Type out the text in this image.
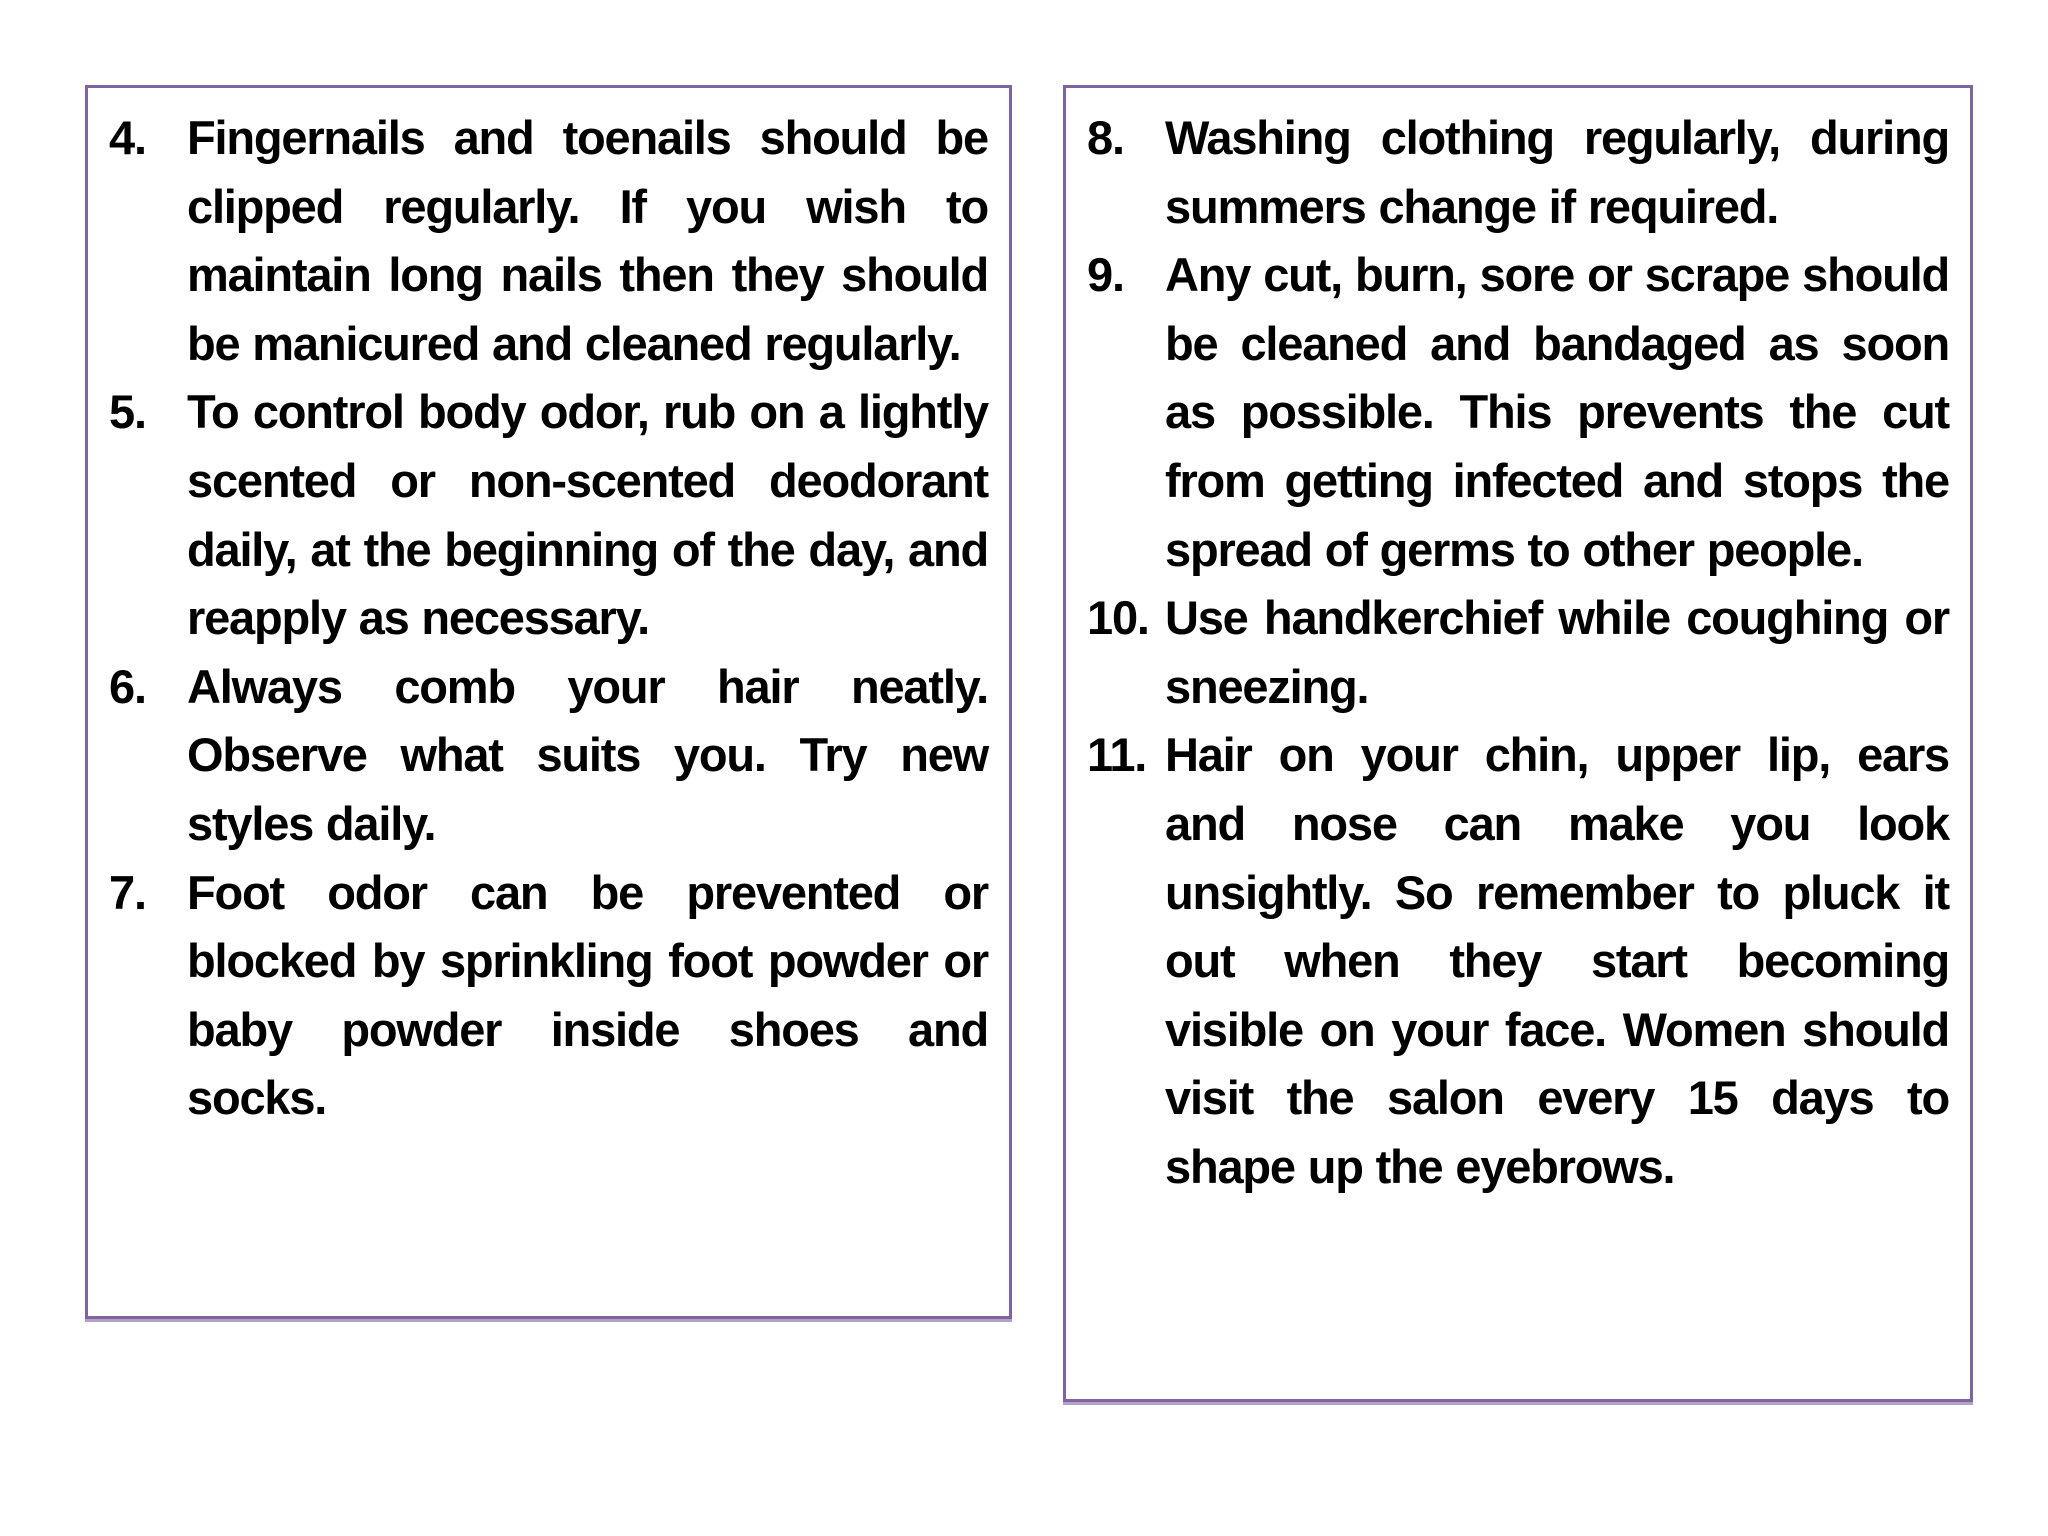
4. Fingernails and toenails should be clipped regularly. If you wish to maintain long nails then they should be manicured and cleaned regularly.
5. To control body odor, rub on a lightly scented or non-scented deodorant daily, at the beginning of the day, and reapply as necessary.
6. Always comb your hair neatly. Observe what suits you. Try new styles daily.
7. Foot odor can be prevented or blocked by sprinkling foot powder or baby powder inside shoes and socks.
8. Washing clothing regularly, during summers change if required.
9. Any cut, burn, sore or scrape should be cleaned and bandaged as soon as possible. This prevents the cut from getting infected and stops the spread of germs to other people.
10. Use handkerchief while coughing or sneezing.
11. Hair on your chin, upper lip, ears and nose can make you look unsightly. So remember to pluck it out when they start becoming visible on your face. Women should visit the salon every 15 days to shape up the eyebrows.
